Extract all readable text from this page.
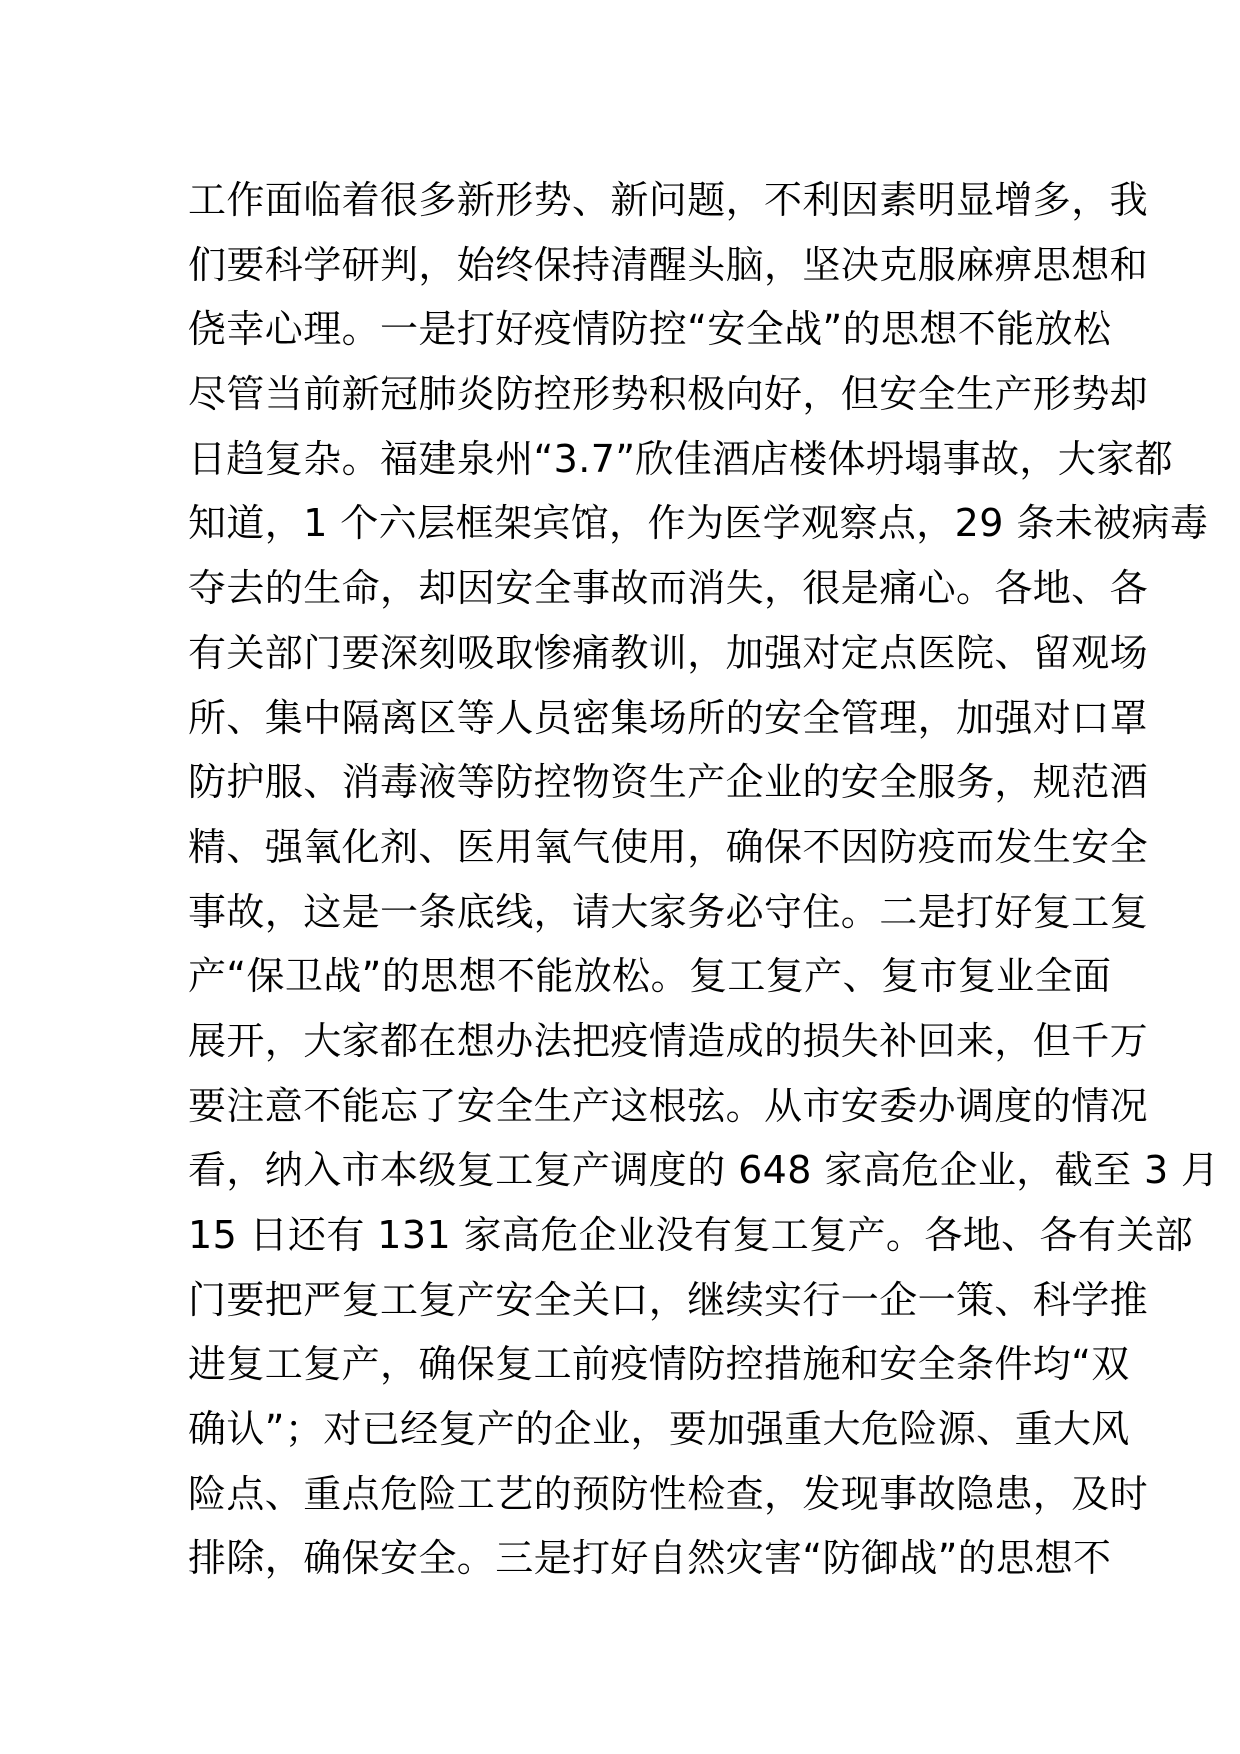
工作面临着很多新形势、新问题，不利因素明显增多，我
们要科学研判，始终保持清醒头脑，坚决克服麻痹思想和
侥幸心理。一是打好疫情防控“安全战”的思想不能放松
尽管当前新冠肺炎防控形势积极向好，但安全生产形势却
日趋复杂。福建泉州“3.7”欣佳酒店楼体坍塌事故，大家都
知道，1 个六层框架宾馆，作为医学观察点，29 条未被病毒
夺去的生命，却因安全事故而消失，很是痛心。各地、各
有关部门要深刻吸取惨痛教训，加强对定点医院、留观场
所、集中隔离区等人员密集场所的安全管理，加强对口罩
防护服、消毒液等防控物资生产企业的安全服务，规范酒
精、强氧化剂、医用氧气使用，确保不因防疫而发生安全
事故，这是一条底线，请大家务必守住。二是打好复工复
产“保卫战”的思想不能放松。复工复产、复市复业全面
展开，大家都在想办法把疫情造成的损失补回来，但千万
要注意不能忘了安全生产这根弦。从市安委办调度的情况
看，纳入市本级复工复产调度的 648 家高危企业，截至 3 月
15 日还有 131 家高危企业没有复工复产。各地、各有关部
门要把严复工复产安全关口，继续实行一企一策、科学推
进复工复产，确保复工前疫情防控措施和安全条件均“双
确认”；对已经复产的企业，要加强重大危险源、重大风
险点、重点危险工艺的预防性检查，发现事故隐患，及时
排除，确保安全。三是打好自然灾害“防御战”的思想不
